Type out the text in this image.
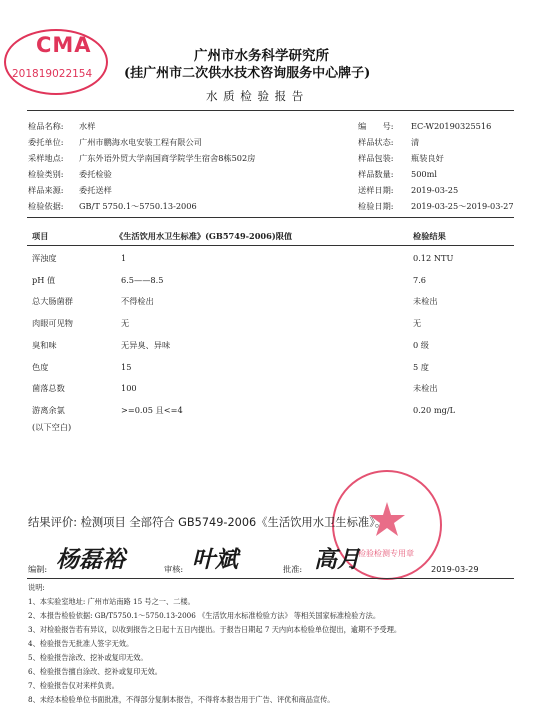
CMA
201819022154
广州市水务科学研究所
(挂广州市二次供水技术咨询服务中心牌子)
水 质 检 验 报 告
检品名称: 水样
委托单位: 广州市鹏海水电安装工程有限公司
采样地点: 广东外语外贸大学南国商学院学生宿舍8栋502房
检验类别: 委托检验
样品来源: 委托送样
检验依据: GB/T 5750.1～5750.13-2006
编　　号: EC-W20190325516
样品状态: 清
样品包装: 瓶装良好
样品数量: 500ml
送样日期: 2019-03-25
检验日期: 2019-03-25～2019-03-27
项目	《生活饮用水卫生标准》(GB5749-2006)限值	检验结果
浑浊度	1	0.12 NTU
pH 值	6.5——8.5	7.6
总大肠菌群	不得检出	未检出
肉眼可见物	无	无
臭和味	无异臭、异味	0 级
色度	15	5 度
菌落总数	100	未检出
游离余氯	>=0.05 且<=4	0.20 mg/L
(以下空白)
检验检测专用章
结果评价: 检测项目 全部符合 GB5749-2006《生活饮用水卫生标准》。
编制: 杨磊裕	审核: 叶斌	批准: 高月	2019-03-29
说明:
1、本实验室地址: 广州市站南路 15 号之一、二楼。
2、本报告检验依据: GB/T5750.1～5750.13-2006 《生活饮用水标准检验方法》 等相关国家标准检验方法。
3、对检验报告若有异议，以收到报告之日起十五日内提出。于报告日期起 7 天内向本检验单位提出，逾期不予受理。
4、检验报告无批准人签字无效。
5、检验报告涂改、挖补或复印无效。
6、检验报告擅自涂改、挖补或复印无效。
7、检验报告仅对来样负责。
8、未经本检验单位书面批准，不得部分复制本报告，不得将本报告用于广告、评优和商品宣传。
